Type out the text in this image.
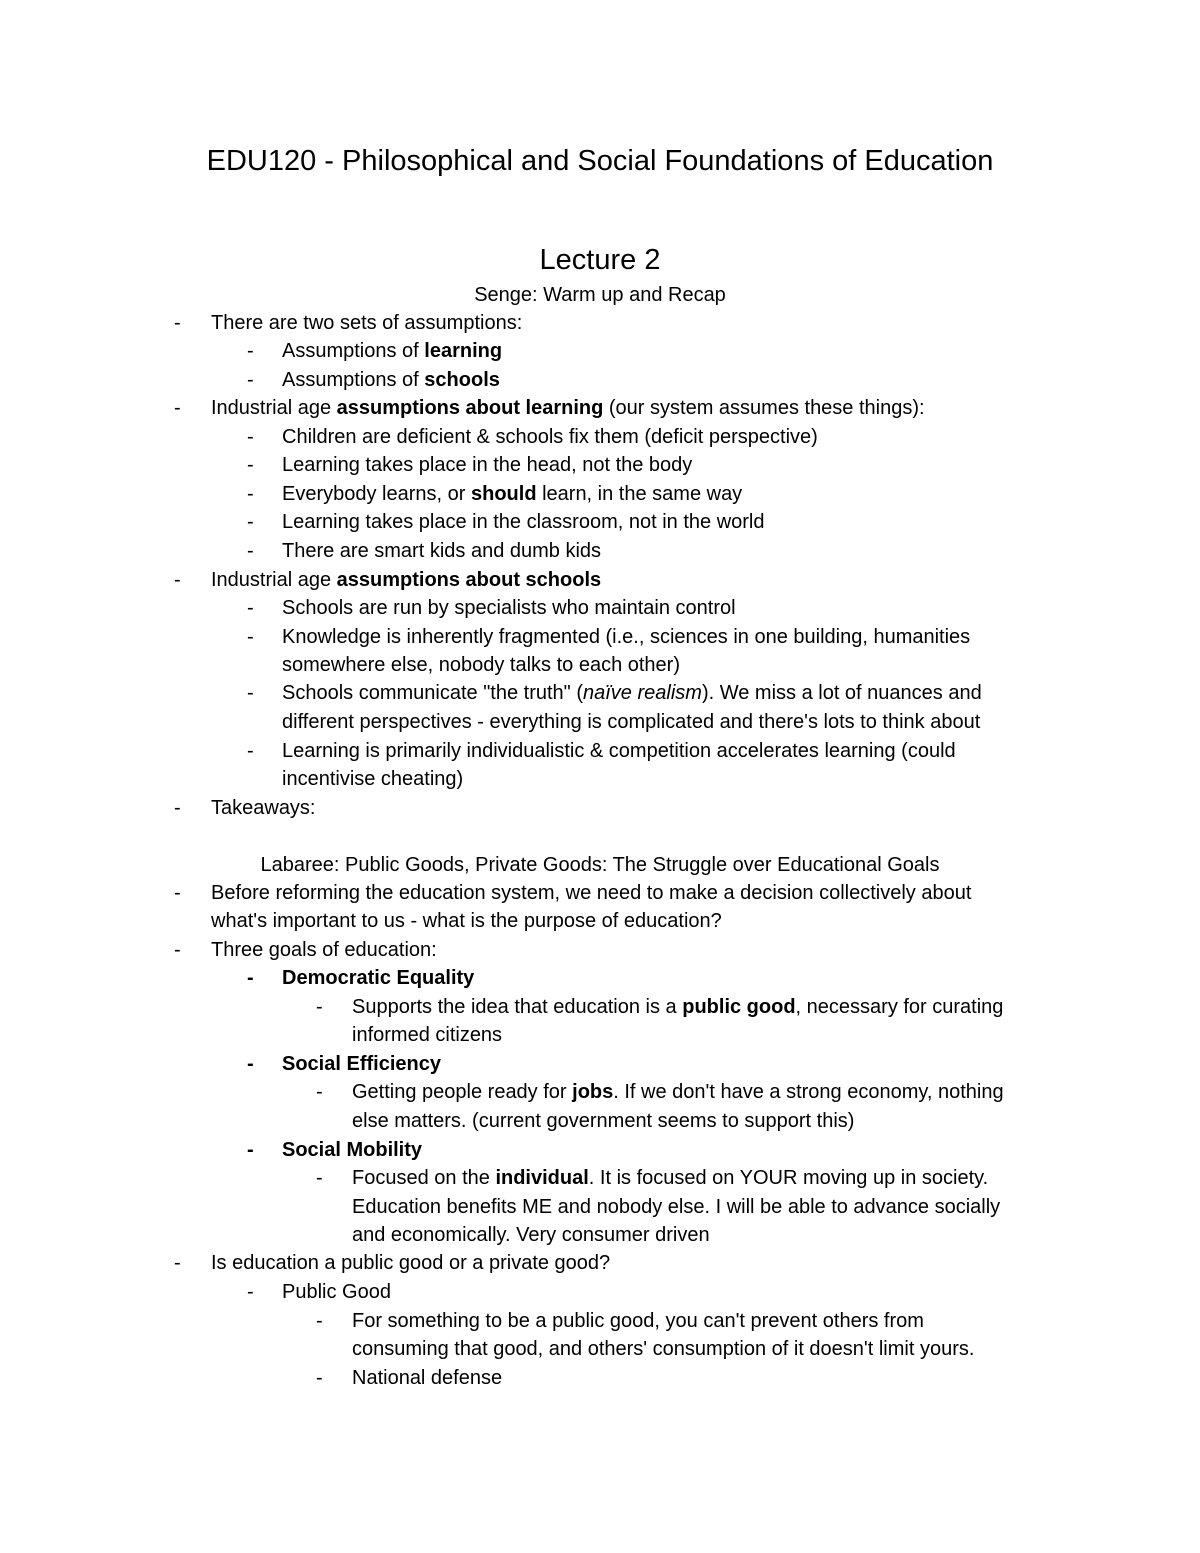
EDU120 - Philosophical and Social Foundations of Education
Lecture 2
Senge: Warm up and Recap
- There are two sets of assumptions:
- Assumptions of learning
- Assumptions of schools
- Industrial age assumptions about learning (our system assumes these things):
- Children are deficient & schools fix them (deficit perspective)
- Learning takes place in the head, not the body
- Everybody learns, or should learn, in the same way
- Learning takes place in the classroom, not in the world
- There are smart kids and dumb kids
- Industrial age assumptions about schools
- Schools are run by specialists who maintain control
- Knowledge is inherently fragmented (i.e., sciences in one building, humanities
somewhere else, nobody talks to each other)
- Schools communicate "the truth" (naïve realism). We miss a lot of nuances and
different perspectives - everything is complicated and there's lots to think about
- Learning is primarily individualistic & competition accelerates learning (could
incentivise cheating)
- Takeaways:
Labaree: Public Goods, Private Goods: The Struggle over Educational Goals
- Before reforming the education system, we need to make a decision collectively about
what's important to us - what is the purpose of education?
- Three goals of education:
- Democratic Equality
- Supports the idea that education is a public good, necessary for curating
informed citizens
- Social Efficiency
- Getting people ready for jobs. If we don't have a strong economy, nothing
else matters. (current government seems to support this)
- Social Mobility
- Focused on the individual. It is focused on YOUR moving up in society.
Education benefits ME and nobody else. I will be able to advance socially
and economically. Very consumer driven
- Is education a public good or a private good?
- Public Good
- For something to be a public good, you can't prevent others from
consuming that good, and others' consumption of it doesn't limit yours.
- National defense
